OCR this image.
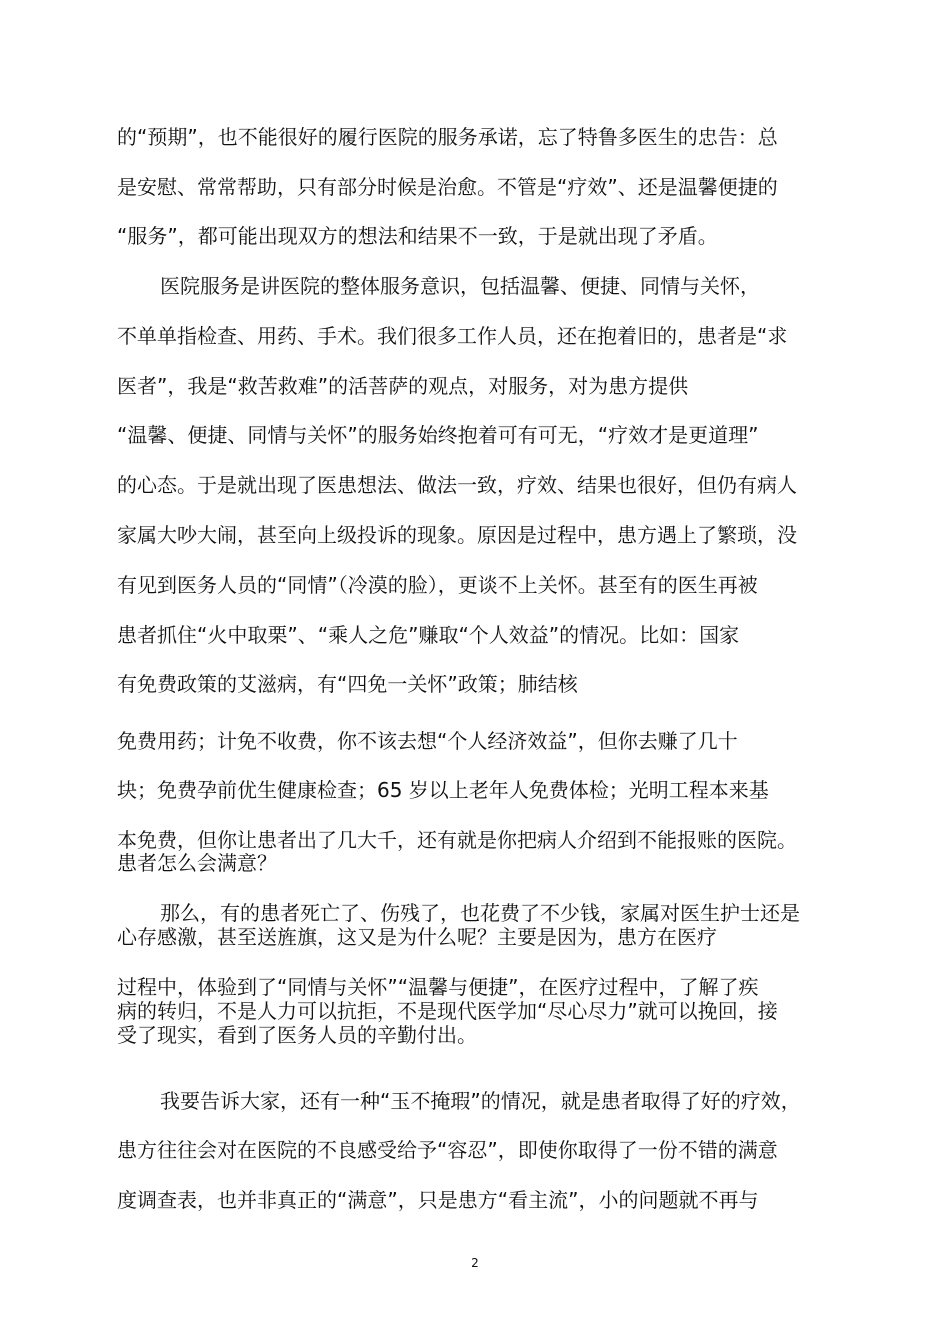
的“预期”，也不能很好的履行医院的服务承诺，忘了特鲁多医生的忠告：总
是安慰、常常帮助，只有部分时候是治愈。不管是“疗效”、还是温馨便捷的
“服务”，都可能出现双方的想法和结果不一致，于是就出现了矛盾。
医院服务是讲医院的整体服务意识，包括温馨、便捷、同情与关怀，
不单单指检查、用药、手术。我们很多工作人员，还在抱着旧的，患者是“求
医者”，我是“救苦救难”的活菩萨的观点，对服务，对为患方提供
“温馨、便捷、同情与关怀”的服务始终抱着可有可无，“疗效才是更道理”
的心态。于是就出现了医患想法、做法一致，疗效、结果也很好，但仍有病人
家属大吵大闹，甚至向上级投诉的现象。原因是过程中，患方遇上了繁琐，没
有见到医务人员的“同情”（冷漠的脸），更谈不上关怀。甚至有的医生再被
患者抓住“火中取栗”、“乘人之危”赚取“个人效益”的情况。比如：国家
有免费政策的艾滋病，有“四免一关怀”政策；肺结核
免费用药；计免不收费，你不该去想“个人经济效益”，但你去赚了几十
块；免费孕前优生健康检查；65 岁以上老年人免费体检；光明工程本来基
本免费，但你让患者出了几大千，还有就是你把病人介绍到不能报账的医院。
患者怎么会满意？
那么，有的患者死亡了、伤残了，也花费了不少钱，家属对医生护士还是
心存感激，甚至送旌旗，这又是为什么呢？主要是因为，患方在医疗
过程中，体验到了“同情与关怀”“温馨与便捷”，在医疗过程中，了解了疾
病的转归，不是人力可以抗拒，不是现代医学加“尽心尽力”就可以挽回，接
受了现实，看到了医务人员的辛勤付出。
我要告诉大家，还有一种“玉不掩瑕”的情况，就是患者取得了好的疗效，
患方往往会对在医院的不良感受给予“容忍”，即使你取得了一份不错的满意
度调查表，也并非真正的“满意”，只是患方“看主流”，小的问题就不再与
2
